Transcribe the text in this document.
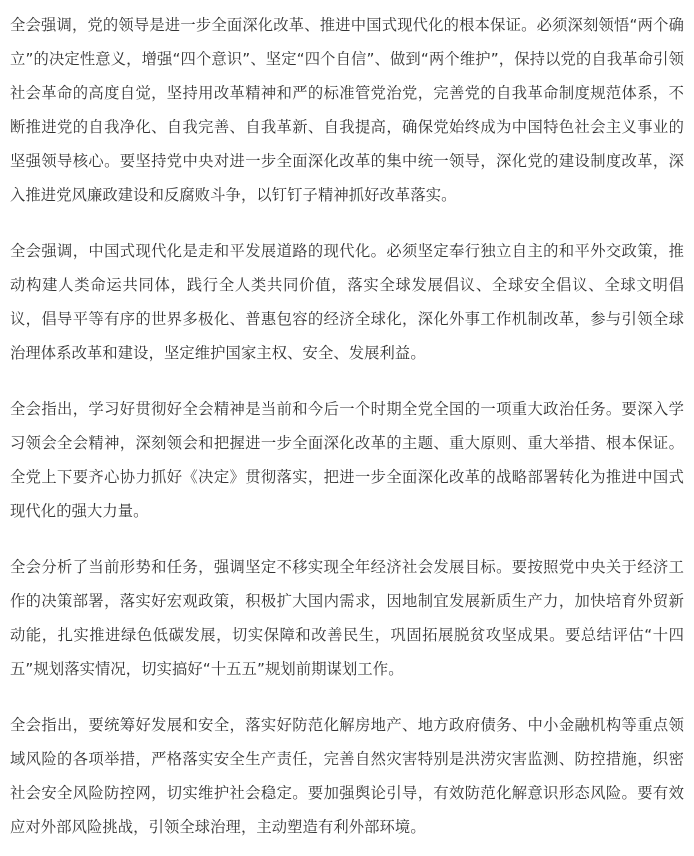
全会强调，党的领导是进一步全面深化改革、推进中国式现代化的根本保证。必须深刻领悟“两个确立”的决定性意义，增强“四个意识”、坚定“四个自信”、做到“两个维护”，保持以党的自我革命引领社会革命的高度自觉，坚持用改革精神和严的标准管党治党，完善党的自我革命制度规范体系，不断推进党的自我净化、自我完善、自我革新、自我提高，确保党始终成为中国特色社会主义事业的坚强领导核心。要坚持党中央对进一步全面深化改革的集中统一领导，深化党的建设制度改革，深入推进党风廉政建设和反腐败斗争，以钉钉子精神抓好改革落实。

全会强调，中国式现代化是走和平发展道路的现代化。必须坚定奉行独立自主的和平外交政策，推动构建人类命运共同体，践行全人类共同价值，落实全球发展倡议、全球安全倡议、全球文明倡议，倡导平等有序的世界多极化、普惠包容的经济全球化，深化外事工作机制改革，参与引领全球治理体系改革和建设，坚定维护国家主权、安全、发展利益。

全会指出，学习好贯彻好全会精神是当前和今后一个时期全党全国的一项重大政治任务。要深入学习领会全会精神，深刻领会和把握进一步全面深化改革的主题、重大原则、重大举措、根本保证。全党上下要齐心协力抓好《决定》贯彻落实，把进一步全面深化改革的战略部署转化为推进中国式现代化的强大力量。

全会分析了当前形势和任务，强调坚定不移实现全年经济社会发展目标。要按照党中央关于经济工作的决策部署，落实好宏观政策，积极扩大国内需求，因地制宜发展新质生产力，加快培育外贸新动能，扎实推进绿色低碳发展，切实保障和改善民生，巩固拓展脱贫攻坚成果。要总结评估“十四五”规划落实情况，切实搞好“十五五”规划前期谋划工作。

全会指出，要统筹好发展和安全，落实好防范化解房地产、地方政府债务、中小金融机构等重点领域风险的各项举措，严格落实安全生产责任，完善自然灾害特别是洪涝灾害监测、防控措施，织密社会安全风险防控网，切实维护社会稳定。要加强舆论引导，有效防范化解意识形态风险。要有效应对外部风险挑战，引领全球治理，主动塑造有利外部环境。
